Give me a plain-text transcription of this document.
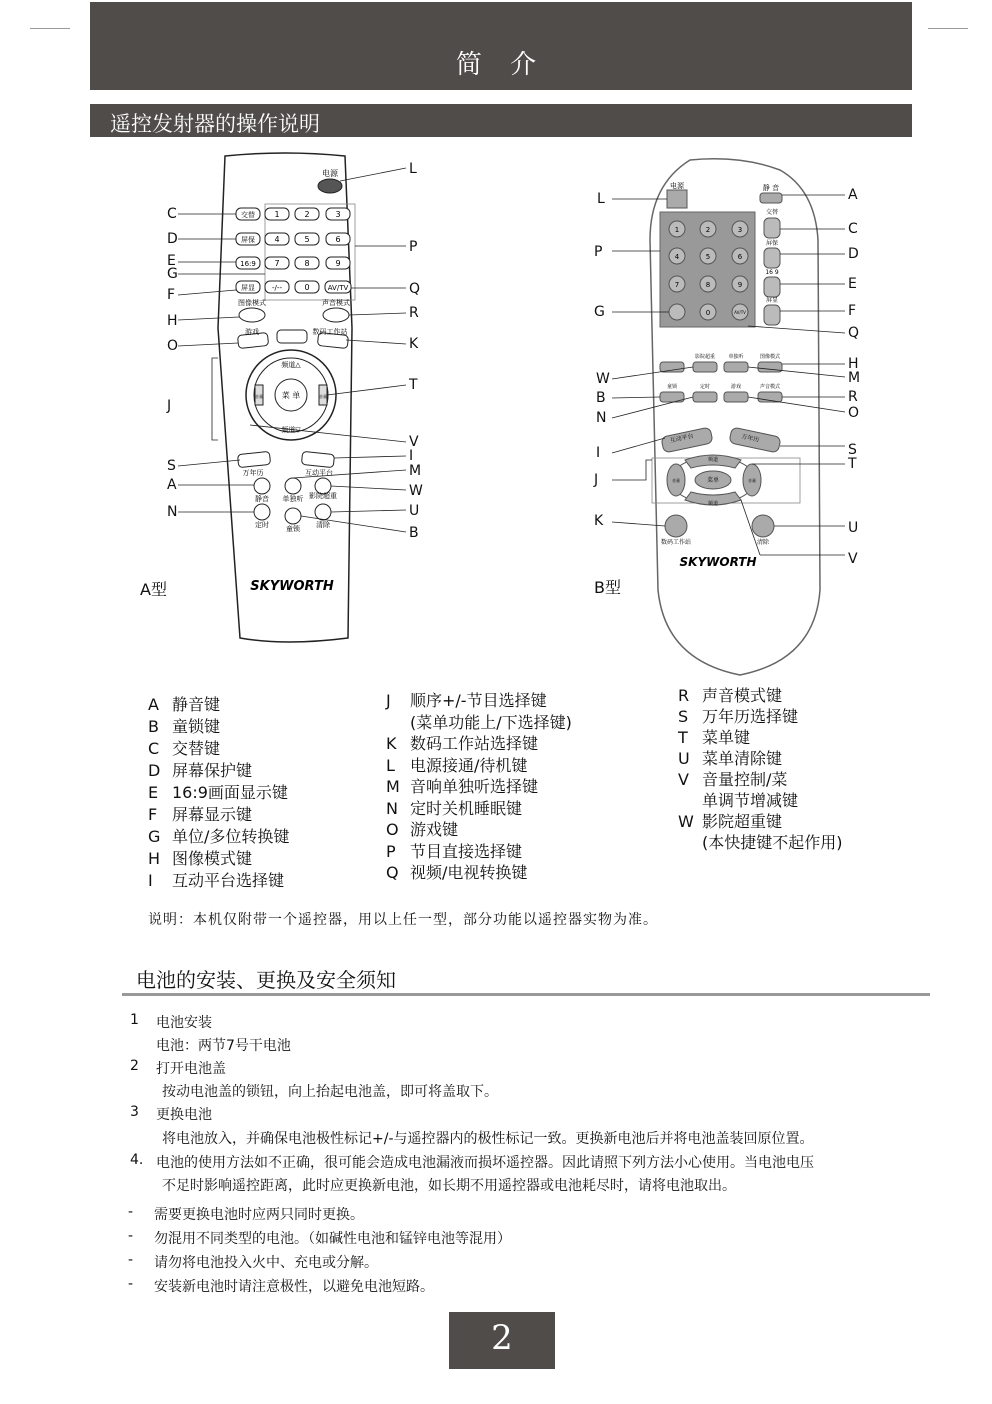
简 介
遥控发射器的操作说明
电源
交替
屏保
16:9
屏显
1	2	3
4	5	6
7	8	9
0
-/--	AV/TV
图像模式	声音模式
游戏	数码工作站
频道△
频道▽
菜 单
音量	音量
万年历	互动平台
静音 单独听 影院超重
定时 童锁 清除
SKYWORTH
C
D
E
G
F
H
O
J
S
A
N
L
P
Q
R
K
T
V
I
M
W
U
B
A型
电源	静 音
1	2	3
4	5	6
7	8	9
0	AV/TV
交替
屏保
16 9
屏显
影院超重	单独听	图像模式
童锁	定时	游戏	声音模式
互动平台	万年历
频道
菜单
频道
音量	音量
数码工作站	清除
SKYWORTH
L
P
G
W
B
N
I
J
K
A
C
D
E
F
Q
H
M
R
O
S
T
U
V
B型
A 静音键
B 童锁键
C 交替键
D 屏幕保护键
E 16:9画面显示键
F 屏幕显示键
G 单位/多位转换键
H 图像模式键
I 互动平台选择键
J 顺序+/-节目选择键
(菜单功能上/下选择键)
K 数码工作站选择键
L 电源接通/待机键
M 音响单独听选择键
N 定时关机睡眠键
O 游戏键
P 节目直接选择键
Q 视频/电视转换键
R 声音模式键
S 万年历选择键
T 菜单键
U 菜单清除键
V 音量控制/菜
单调节增减键
W 影院超重键
(本快捷键不起作用)
说明：本机仅附带一个遥控器，用以上任一型，部分功能以遥控器实物为准。
电池的安装、更换及安全须知
1 电池安装
电池：两节7号干电池
2 打开电池盖
按动电池盖的锁钮，向上抬起电池盖，即可将盖取下。
3 更换电池
将电池放入，并确保电池极性标记+/-与遥控器内的极性标记一致。更换新电池后并将电池盖装回原位置。
4. 电池的使用方法如不正确，很可能会造成电池漏液而损坏遥控器。因此请照下列方法小心使用。当电池电压
不足时影响遥控距离，此时应更换新电池，如长期不用遥控器或电池耗尽时，请将电池取出。
- 需要更换电池时应两只同时更换。
- 勿混用不同类型的电池。（如碱性电池和锰锌电池等混用）
- 请勿将电池投入火中、充电或分解。
- 安装新电池时请注意极性，以避免电池短路。
2
